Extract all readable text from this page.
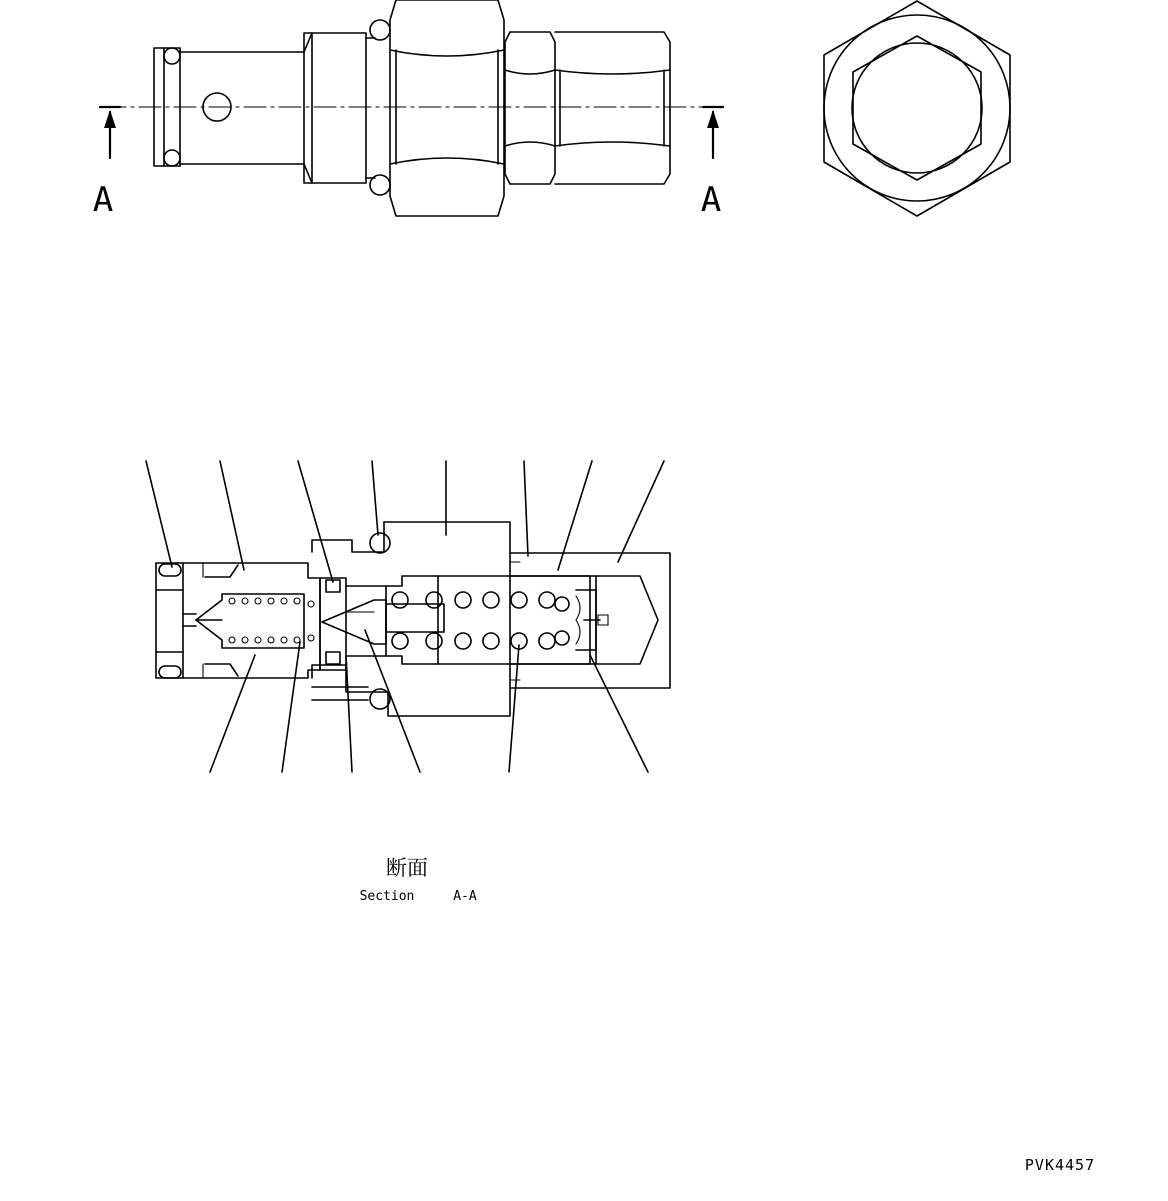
A	A
断面
Section	A-A
PVK4457
